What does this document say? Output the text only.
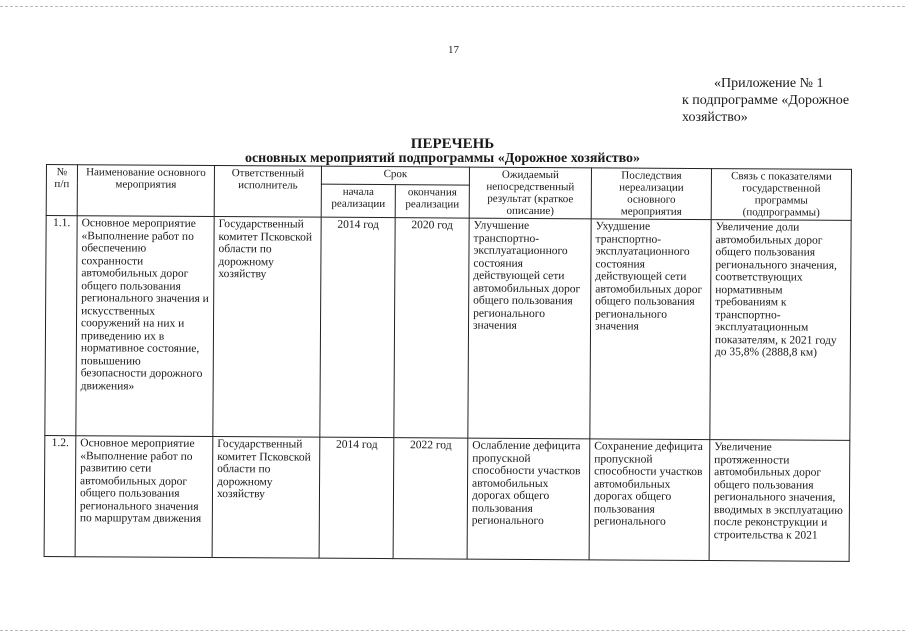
17
«Приложение № 1
к подпрограмме «Дорожное
хозяйство»
ПЕРЕЧЕНЬ
основных мероприятий подпрограммы «Дорожное хозяйство»
№ п/п	Наименование основного мероприятия	Ответственный исполнитель	Срок		Ожидаемый непосредственный результат (краткое описание)	Последствия нереализации основного мероприятия	Связь с показателями государственной программы (подпрограммы)
			начала реализации	окончания реализации			
1.1.	Основное мероприятие «Выполнение работ по обеспечению сохранности автомобильных дорог общего пользования регионального значения и искусственных сооружений на них и приведению их в нормативное состояние, повышению безопасности дорожного движения»	Государственный комитет Псковской области по дорожному хозяйству	2014 год	2020 год	Улучшение транспортно-эксплуатационного состояния действующей сети автомобильных дорог общего пользования регионального значения	Ухудшение транспортно-эксплуатационного состояния действующей сети автомобильных дорог общего пользования регионального значения	Увеличение доли автомобильных дорог общего пользования регионального значения, соответствующих нормативным требованиям к транспортно-эксплуатационным показателям, к 2021 году до 35,8% (2888,8 км)
1.2.	Основное мероприятие «Выполнение работ по развитию сети автомобильных дорог общего пользования регионального значения по маршрутам движения	Государственный комитет Псковской области по дорожному хозяйству	2014 год	2022 год	Ослабление дефицита пропускной способности участков автомобильных дорогах общего пользования регионального	Сохранение дефицита пропускной способности участков автомобильных дорогах общего пользования регионального	Увеличение протяженности автомобильных дорог общего пользования регионального значения, вводимых в эксплуатацию после реконструкции и строительства к 2021
